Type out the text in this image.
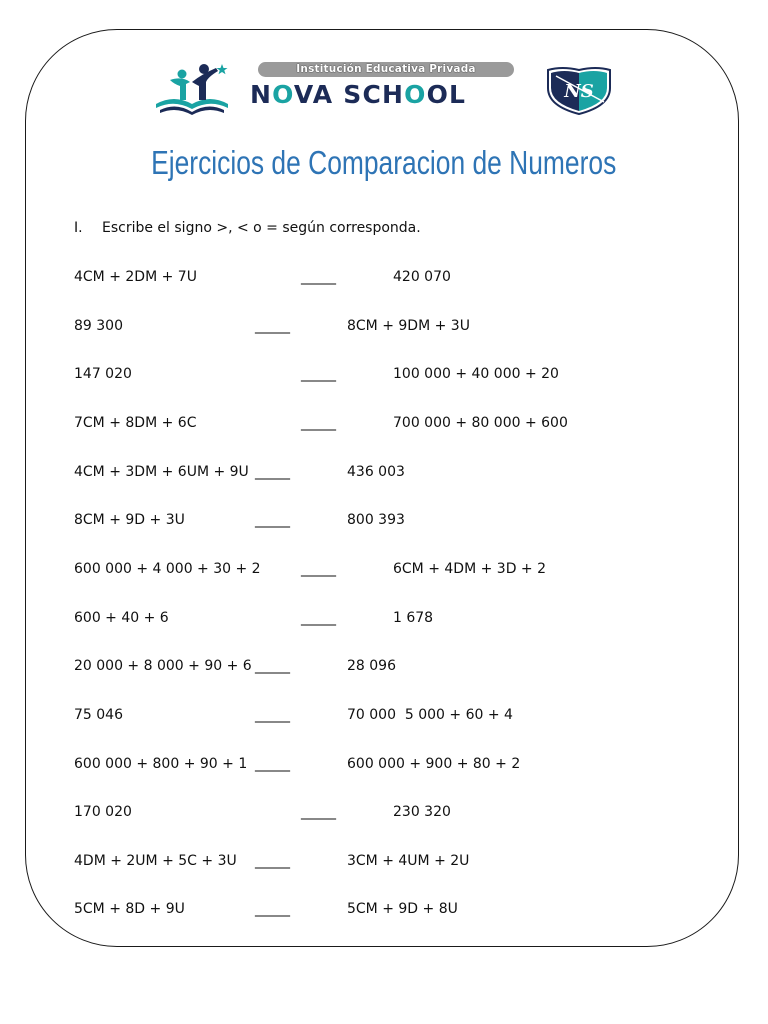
Institución Educativa Privada
NOVA SCHOOL	NS
Ejercicios de Comparacion de Numeros
I. Escribe el signo >, < o = según corresponda.
4CM + 2DM + 7U	_____	420 070
89 300	_____	8CM + 9DM + 3U
147 020	_____	100 000 + 40 000 + 20
7CM + 8DM + 6C	_____	700 000 + 80 000 + 600
4CM + 3DM + 6UM + 9U _____	436 003
8CM + 9D + 3U	_____	800 393
600 000 + 4 000 + 30 + 2	_____	6CM + 4DM + 3D + 2
600 + 40 + 6	_____	1 678
20 000 + 8 000 + 90 + 6 _____	28 096
75 046	_____	70 000  5 000 + 60 + 4
600 000 + 800 + 90 + 1 _____	600 000 + 900 + 80 + 2
170 020	_____	230 320
4DM + 2UM + 5C + 3U _____	3CM + 4UM + 2U
5CM + 8D + 9U	_____	5CM + 9D + 8U
